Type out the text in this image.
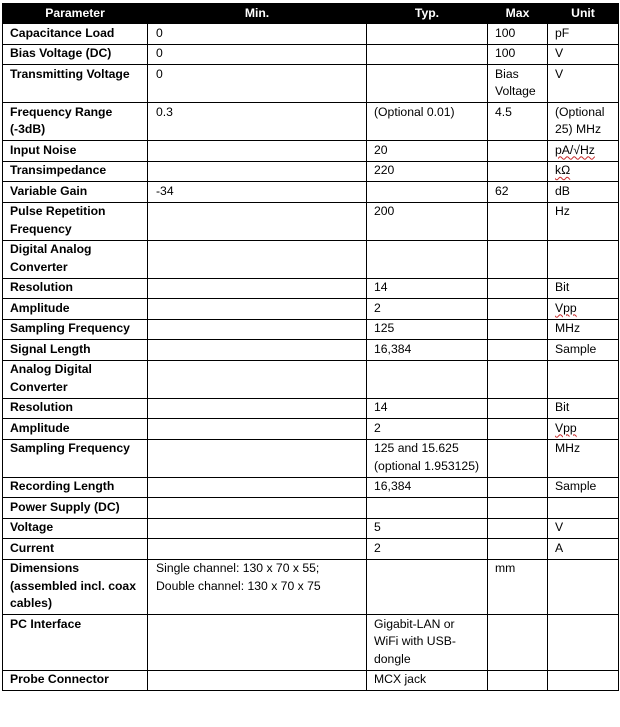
Parameter	Min.	Typ.	Max	Unit
Capacitance Load	0		100	pF
Bias Voltage (DC)	0		100	V
Transmitting Voltage	0		Bias Voltage	V
Frequency Range (-3dB)	0.3	(Optional 0.01)	4.5	(Optional 25) MHz
Input Noise		20		pA/√Hz
Transimpedance		220		kΩ
Variable Gain	-34		62	dB
Pulse Repetition Frequency		200		Hz
Digital Analog Converter				
Resolution		14		Bit
Amplitude		2		Vpp
Sampling Frequency		125		MHz
Signal Length		16,384		Sample
Analog Digital Converter				
Resolution		14		Bit
Amplitude		2		Vpp
Sampling Frequency		125 and 15.625 (optional 1.953125)		MHz
Recording Length		16,384		Sample
Power Supply (DC)				
Voltage		5		V
Current		2		A
Dimensions (assembled incl. coax cables)	Single channel: 130 x 70 x 55; Double channel: 130 x 70 x 75		mm	
PC Interface		Gigabit-LAN or WiFi with USB-dongle		
Probe Connector		MCX jack		
